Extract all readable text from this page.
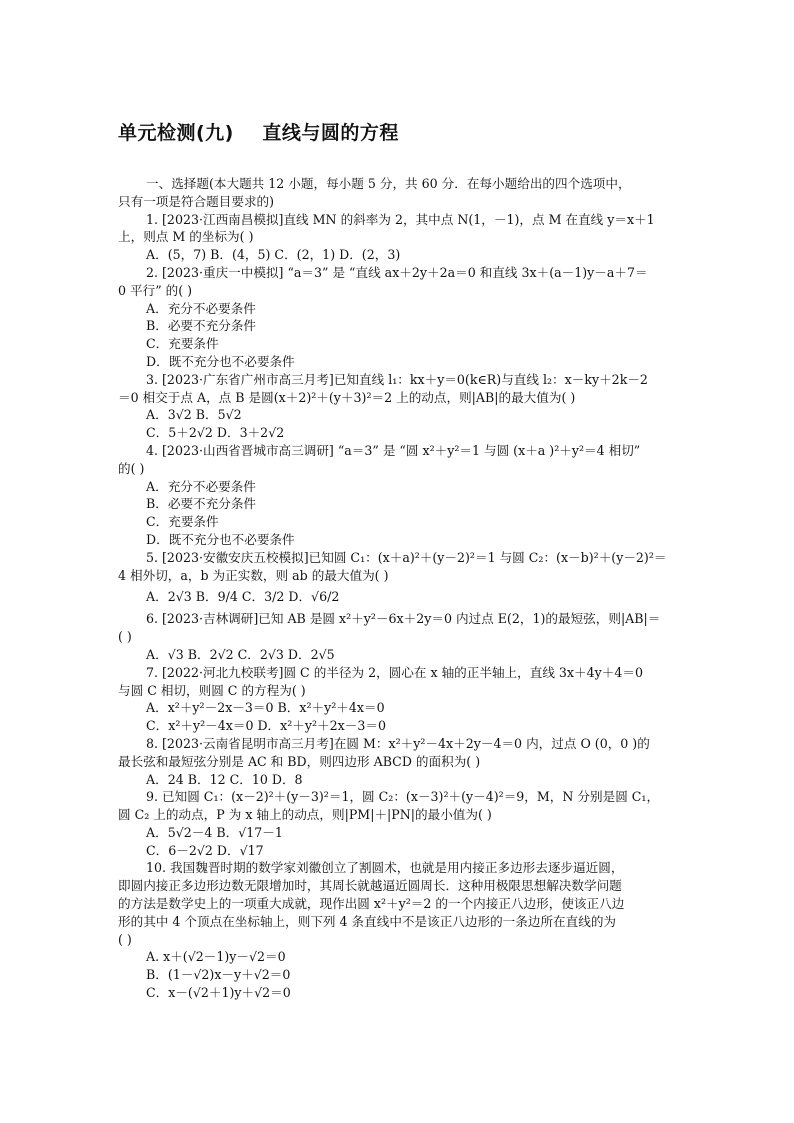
单元检测(九)    直线与圆的方程
一、选择题(本大题共 12 小题，每小题 5 分，共 60 分．在每小题给出的四个选项中，
只有一项是符合题目要求的)
1. [2023·江西南昌模拟]直线 MN 的斜率为 2，其中点 N(1，－1)，点 M 在直线 y＝x＋1
上，则点 M 的坐标为( )
A．(5，7) B．(4，5) C．(2，1) D．(2，3)
2. [2023·重庆一中模拟] “a＝3” 是 “直线 ax＋2y＋2a＝0 和直线 3x＋(a－1)y－a＋7＝
0 平行” 的( )
A．充分不必要条件
B．必要不充分条件
C．充要条件
D．既不充分也不必要条件
3. [2023·广东省广州市高三月考]已知直线 l₁：kx＋y＝0(k∈R)与直线 l₂：x－ky＋2k－2
＝0 相交于点 A，点 B 是圆(x＋2)²＋(y＋3)²＝2 上的动点，则|AB|的最大值为( )
A．3√2 B．5√2
C．5＋2√2 D．3＋2√2
4. [2023·山西省晋城市高三调研] “a＝3” 是 “圆 x²＋y²＝1 与圆 (x＋a )²＋y²＝4 相切”
的( )
A．充分不必要条件
B．必要不充分条件
C．充要条件
D．既不充分也不必要条件
5. [2023·安徽安庆五校模拟]已知圆 C₁：(x＋a)²＋(y－2)²＝1 与圆 C₂：(x－b)²＋(y－2)²＝
4 相外切，a，b 为正实数，则 ab 的最大值为( )
A．2√3 B．9/4 C．3/2 D．√6/2
6. [2023·吉林调研]已知 AB 是圆 x²＋y²－6x＋2y＝0 内过点 E(2，1)的最短弦，则|AB|＝
( )
A．√3 B．2√2 C．2√3 D．2√5
7. [2022·河北九校联考]圆 C 的半径为 2，圆心在 x 轴的正半轴上，直线 3x＋4y＋4＝0
与圆 C 相切，则圆 C 的方程为( )
A．x²＋y²－2x－3＝0 B．x²＋y²＋4x＝0
C．x²＋y²－4x＝0 D．x²＋y²＋2x－3＝0
8. [2023·云南省昆明市高三月考]在圆 M：x²＋y²－4x＋2y－4＝0 内，过点 O (0，0 )的
最长弦和最短弦分别是 AC 和 BD，则四边形 ABCD 的面积为( )
A．24 B．12 C．10 D．8
9. 已知圆 C₁：(x－2)²＋(y－3)²＝1，圆 C₂：(x－3)²＋(y－4)²＝9，M，N 分别是圆 C₁，
圆 C₂ 上的动点，P 为 x 轴上的动点，则|PM|＋|PN|的最小值为( )
A．5√2－4 B．√17－1
C．6－2√2 D．√17
10. 我国魏晋时期的数学家刘徽创立了割圆术，也就是用内接正多边形去逐步逼近圆，
即圆内接正多边形边数无限增加时，其周长就越逼近圆周长．这种用极限思想解决数学问题
的方法是数学史上的一项重大成就，现作出圆 x²＋y²＝2 的一个内接正八边形，使该正八边
形的其中 4 个顶点在坐标轴上，则下列 4 条直线中不是该正八边形的一条边所在直线的为
( )
A. x＋(√2－1)y－√2＝0
B．(1－√2)x－y＋√2＝0
C．x－(√2＋1)y＋√2＝0
